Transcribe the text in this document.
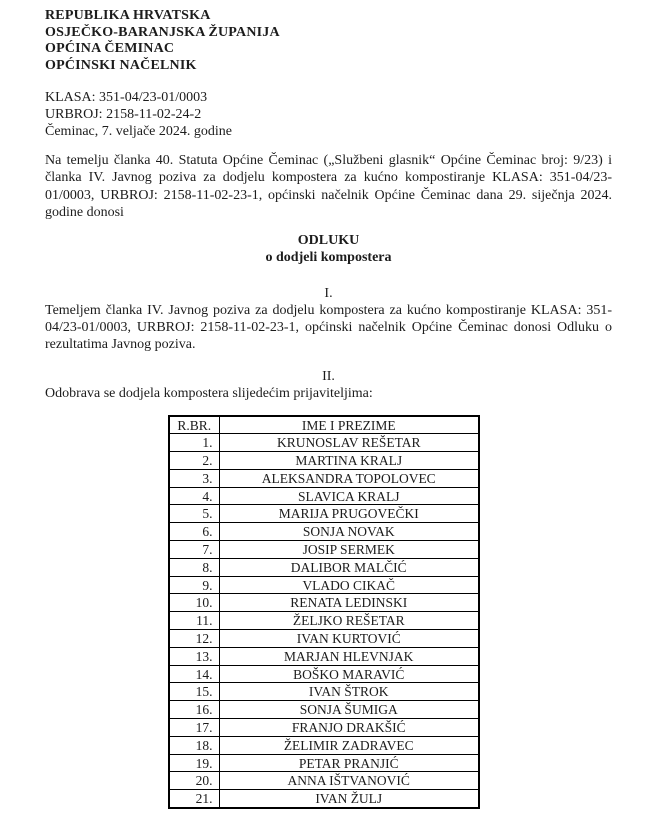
REPUBLIKA HRVATSKA
OSJEČKO-BARANJSKA ŽUPANIJA
OPĆINA ČEMINAC
OPĆINSKI NAČELNIK
KLASA: 351-04/23-01/0003
URBROJ: 2158-11-02-24-2
Čeminac, 7. veljače 2024. godine

Na temelju članka 40. Statuta Općine Čeminac („Službeni glasnik“ Općine Čeminac broj: 9/23) i članka IV. Javnog poziva za dodjelu kompostera za kućno kompostiranje KLASA: 351-04/23-01/0003, URBROJ: 2158-11-02-23-1, općinski načelnik Općine Čeminac dana 29. siječnja 2024. godine donosi

ODLUKU
o dodjeli kompostera
I.

Temeljem članka IV. Javnog poziva za dodjelu kompostera za kućno kompostiranje KLASA: 351-04/23-01/0003, URBROJ: 2158-11-02-23-1, općinski načelnik Općine Čeminac donosi Odluku o rezultatima Javnog poziva.

II.

Odobrava se dodjela kompostera slijedećim prijaviteljima:

R.BR.	IME I PREZIME
1.	KRUNOSLAV REŠETAR
2.	MARTINA KRALJ
3.	ALEKSANDRA TOPOLOVEC
4.	SLAVICA KRALJ
5.	MARIJA PRUGOVEČKI
6.	SONJA NOVAK
7.	JOSIP SERMEK
8.	DALIBOR MALČIĆ
9.	VLADO CIKAČ
10.	RENATA LEDINSKI
11.	ŽELJKO REŠETAR
12.	IVAN KURTOVIĆ
13.	MARJAN HLEVNJAK
14.	BOŠKO MARAVIĆ
15.	IVAN ŠTROK
16.	SONJA ŠUMIGA
17.	FRANJO DRAKŠIĆ
18.	ŽELIMIR ZADRAVEC
19.	PETAR PRANJIĆ
20.	ANNA IŠTVANOVIĆ
21.	IVAN ŽULJ
